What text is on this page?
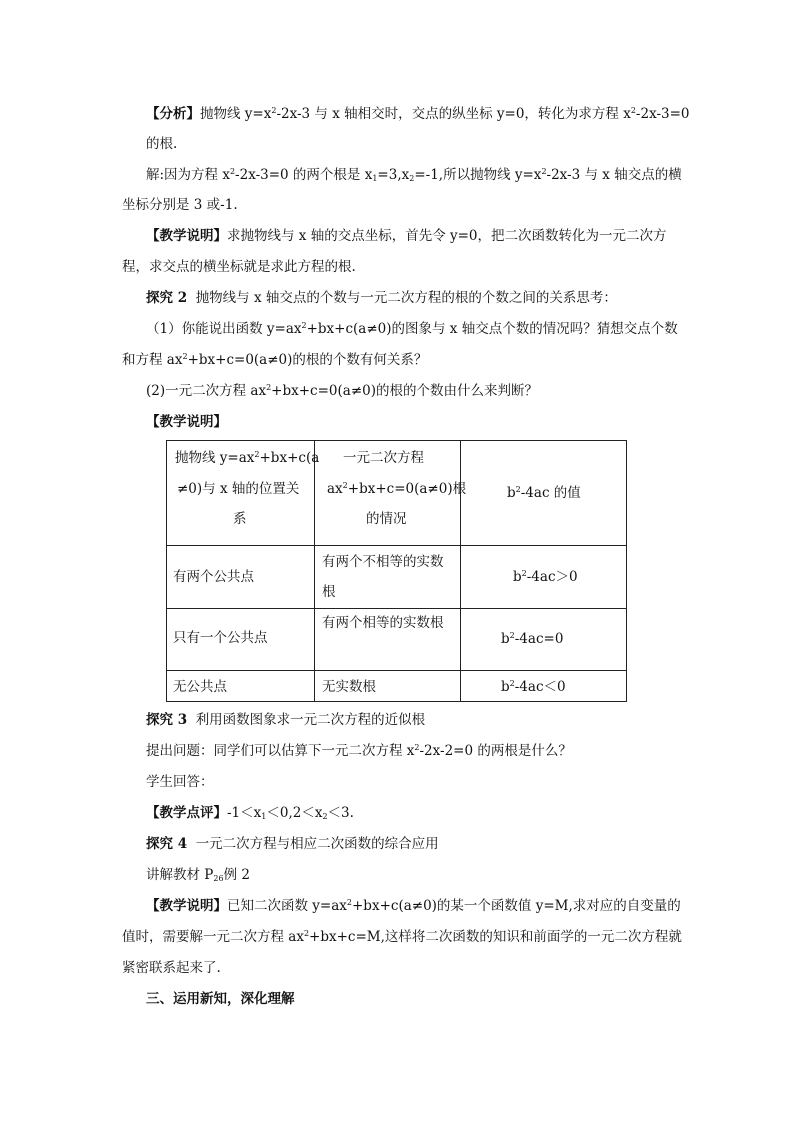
【分析】抛物线 $y=x^2-2x-3$ 与 x 轴相交时，交点的纵坐标 y=0，转化为求方程 $x^2-2x-3=0$
的根.
解:因为方程 $x^2-2x-3=0$ 的两个根是 $x_1=3,x_2=-1$,所以抛物线 $y=x^2-2x-3$ 与 x 轴交点的横
坐标分别是 3 或-1.
【教学说明】求抛物线与 x 轴的交点坐标，首先令 y=0，把二次函数转化为一元二次方
程，求交点的横坐标就是求此方程的根.
探究 2 抛物线与 x 轴交点的个数与一元二次方程的根的个数之间的关系思考：
（1）你能说出函数 $y=ax^2+bx+c(a\ne 0)$的图象与 x 轴交点个数的情况吗？猜想交点个数
和方程 $ax^2+bx+c=0(a\ne 0)$的根的个数有何关系？
(2)一元二次方程 $ax^2+bx+c=0(a\ne 0)$的根的个数由什么来判断？
【教学说明】
抛物线 $y=ax^2+bx+c(a$
≠0)与 x 轴的位置关
系
一元二次方程
$ax^2+bx+c=0(a\ne 0)$根
的情况
$b^2-4ac$ 的值
有两个公共点
有两个不相等的实数
根
$b^2-4ac>0$
只有一个公共点
有两个相等的实数根
$b^2-4ac=0$
无公共点	无实数根	$b^2-4ac<0$
探究 3 利用函数图象求一元二次方程的近似根
提出问题：同学们可以估算下一元二次方程 $x^2-2x-2=0$ 的两根是什么？
学生回答：
【教学点评】$-1<x_1<0,2<x_2<3$.
探究 4 一元二次方程与相应二次函数的综合应用
讲解教材 $P_{26}$例 2
【教学说明】已知二次函数 $y=ax^2+bx+c(a\ne 0)$的某一个函数值 y=M,求对应的自变量的
值时，需要解一元二次方程 $ax^2+bx+c=M$,这样将二次函数的知识和前面学的一元二次方程就
紧密联系起来了.
三、运用新知，深化理解
